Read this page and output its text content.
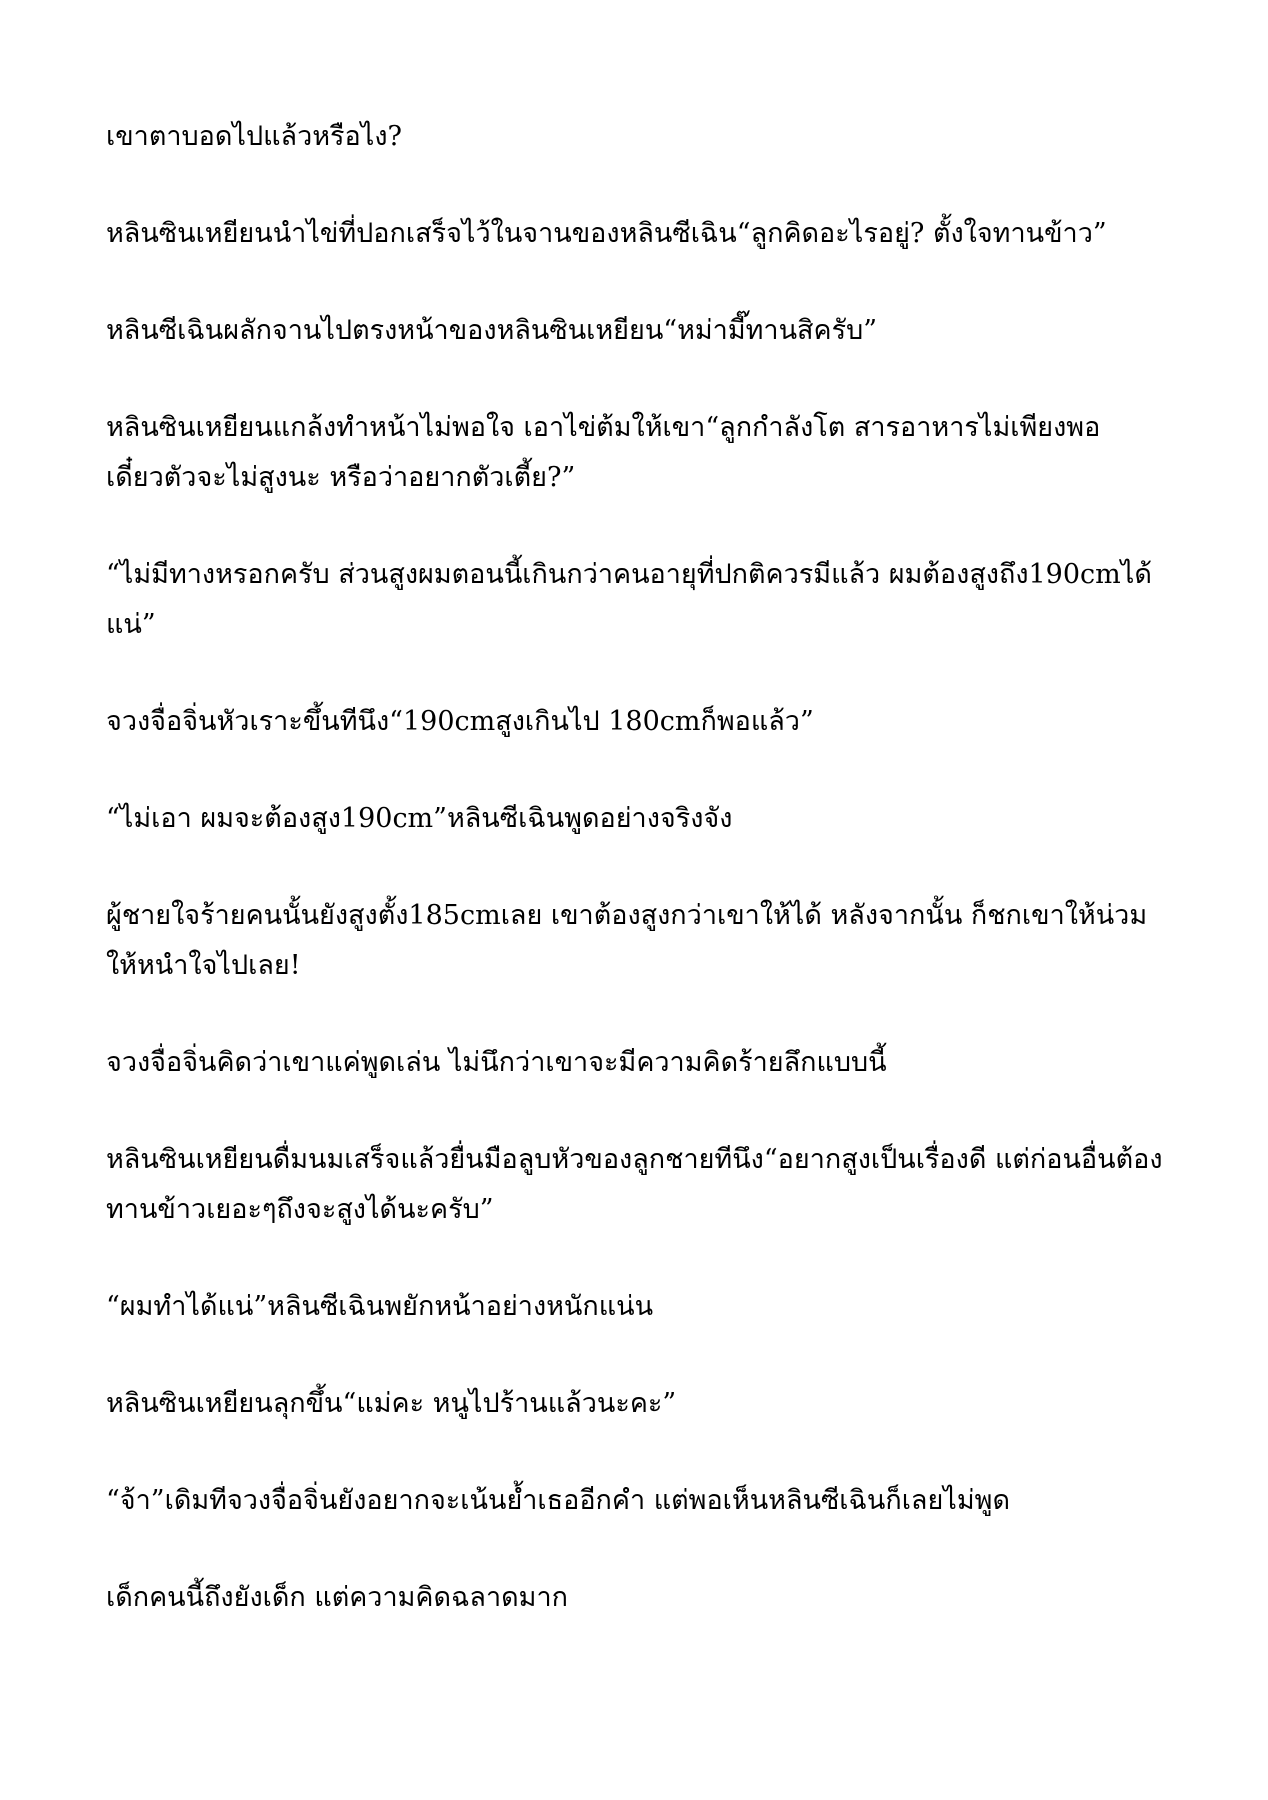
เขาตาบอดไปแล้วหรือไง?

หลินซินเหยียนนำไข่ที่ปอกเสร็จไว้ในจานของหลินซีเฉิน“ลูกคิดอะไรอยู่? ตั้งใจทานข้าว”

หลินซีเฉินผลักจานไปตรงหน้าของหลินซินเหยียน“หม่ามี๊ทานสิครับ”

หลินซินเหยียนแกล้งทำหน้าไม่พอใจ เอาไข่ต้มให้เขา“ลูกกำลังโต สารอาหารไม่เพียงพอ เดี๋ยวตัวจะไม่สูงนะ หรือว่าอยากตัวเตี้ย?”

“ไม่มีทางหรอกครับ ส่วนสูงผมตอนนี้เกินกว่าคนอายุที่ปกติควรมีแล้ว ผมต้องสูงถึง190cmได้แน่”

จวงจื่อจิ่นหัวเราะขึ้นทีนึง“190cmสูงเกินไป 180cmก็พอแล้ว”

“ไม่เอา ผมจะต้องสูง190cm”หลินซีเฉินพูดอย่างจริงจัง

ผู้ชายใจร้ายคนนั้นยังสูงตั้ง185cmเลย เขาต้องสูงกว่าเขาให้ได้ หลังจากนั้น ก็ชกเขาให้น่วมให้หนำใจไปเลย!

จวงจื่อจิ่นคิดว่าเขาแค่พูดเล่น ไม่นึกว่าเขาจะมีความคิดร้ายลึกแบบนี้

หลินซินเหยียนดื่มนมเสร็จแล้วยื่นมือลูบหัวของลูกชายทีนึง“อยากสูงเป็นเรื่องดี แต่ก่อนอื่นต้องทานข้าวเยอะๆถึงจะสูงได้นะครับ”

“ผมทำได้แน่”หลินซีเฉินพยักหน้าอย่างหนักแน่น

หลินซินเหยียนลุกขึ้น“แม่คะ หนูไปร้านแล้วนะคะ”

“จ้า”เดิมทีจวงจื่อจิ่นยังอยากจะเน้นย้ำเธออีกคำ แต่พอเห็นหลินซีเฉินก็เลยไม่พูด

เด็กคนนี้ถึงยังเด็ก แต่ความคิดฉลาดมาก
